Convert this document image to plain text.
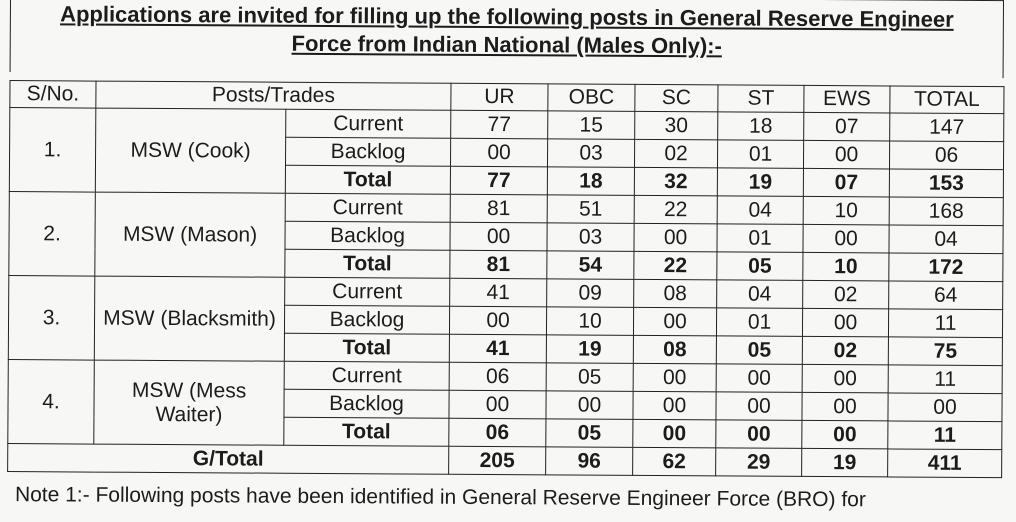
Applications are invited for filling up the following posts in General Reserve Engineer
Force from Indian National (Males Only):-
S/No.	Posts/Trades		UR	OBC	SC	ST	EWS	TOTAL
1.	MSW (Cook)	Current	77	15	30	18	07	147
		Backlog	00	03	02	01	00	06
		Total	77	18	32	19	07	153
2.	MSW (Mason)	Current	81	51	22	04	10	168
		Backlog	00	03	00	01	00	04
		Total	81	54	22	05	10	172
3.	MSW (Blacksmith)	Current	41	09	08	04	02	64
		Backlog	00	10	00	01	00	11
		Total	41	19	08	05	02	75
4.	MSW (Mess Waiter)	Current	06	05	00	00	00	11
		Backlog	00	00	00	00	00	00
		Total	06	05	00	00	00	11
G/Total			205	96	62	29	19	411
Note 1:- Following posts have been identified in General Reserve Engineer Force (BRO) for
